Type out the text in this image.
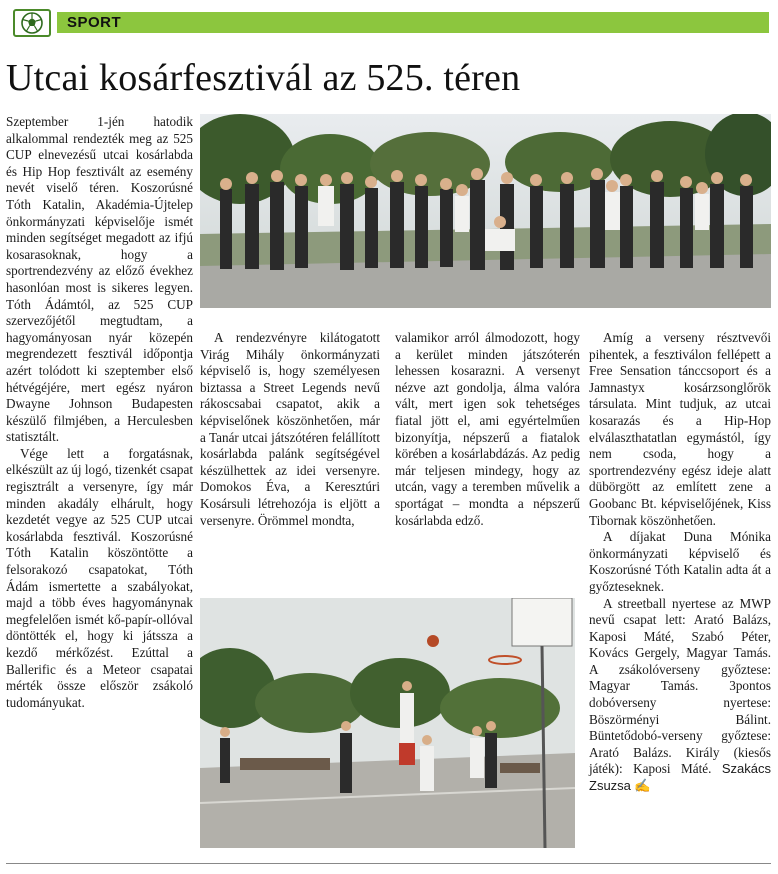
SPORT
Utcai kosárfesztivál az 525. téren

Szeptember 1-jén hatodik alkalommal rendezték meg az 525 CUP elnevezésű utcai kosárlabda és Hip Hop fesztivált az esemény nevét viselő téren. Koszorúsné Tóth Katalin, Akadémia-Újtelep önkormányzati képviselője ismét minden segítséget megadott az ifjú kosarasoknak, hogy a sportrendezvény az előző évekhez hasonlóan most is sikeres legyen. Tóth Ádámtól, az 525 CUP szervezőjétől megtudtam, a hagyományosan nyár közepén megrendezett fesztivál időpontja azért tolódott ki szeptember első hétvégéjére, mert egész nyáron Dwayne Johnson Budapesten készülő filmjében, a Herculesben statisztált.

Vége lett a forgatásnak, elkészült az új logó, tizenkét csapat regisztrált a versenyre, így már minden akadály elhárult, hogy kezdetét vegye az 525 CUP utcai kosárlabda fesztivál. Koszorúsné Tóth Katalin köszöntötte a felsorakozó csapatokat, Tóth Ádám ismertette a szabályokat, majd a több éves hagyománynak megfelelően ismét kő-papír-ollóval döntötték el, hogy ki játssza a kezdő mérkőzést. Ezúttal a Ballerific és a Meteor csapatai mérték össze először zsákoló tudományukat.

A rendezvényre kilátogatott Virág Mihály önkormányzati képviselő is, hogy személyesen biztassa a Street Legends nevű rákoscsabai csapatot, akik a képviselőnek köszönhetően, már a Tanár utcai játszótéren felállított kosárlabda palánk segítségével készülhettek az idei versenyre. Domokos Éva, a Keresztúri Kosársuli létrehozója is eljött a versenyre. Örömmel mondta,

valamikor arról álmodozott, hogy a kerület minden játszóterén lehessen kosarazni. A versenyt nézve azt gondolja, álma valóra vált, mert igen sok tehetséges fiatal jött el, ami egyértelműen bizonyítja, népszerű a fiatalok körében a kosárlabdázás. Az pedig már teljesen mindegy, hogy az utcán, vagy a teremben művelik a sportágat – mondta a népszerű kosárlabda edző.

Amíg a verseny résztvevői pihentek, a fesztiválon fellépett a Free Sensation tánccsoport és a Jamnastyx kosárzsonglőrök társulata. Mint tudjuk, az utcai kosarazás és a Hip-Hop elválaszthatatlan egymástól, így nem csoda, hogy a sportrendezvény egész ideje alatt dübörgött az említett zene a Goobanc Bt. képviselőjének, Kiss Tibornak köszönhetően.

A díjakat Duna Mónika önkormányzati képviselő és Koszorúsné Tóth Katalin adta át a győzteseknek.

A streetball nyertese az MWP nevű csapat lett: Arató Balázs, Kaposi Máté, Szabó Péter, Kovács Gergely, Magyar Tamás. A zsákolóverseny győztese: Magyar Tamás. 3pontos dobóverseny nyertese: Böszörményi Bálint. Büntetődobó-verseny győztese: Arató Balázs. Király (kiesős játék): Kaposi Máté. Szakács Zsuzsa ✍
